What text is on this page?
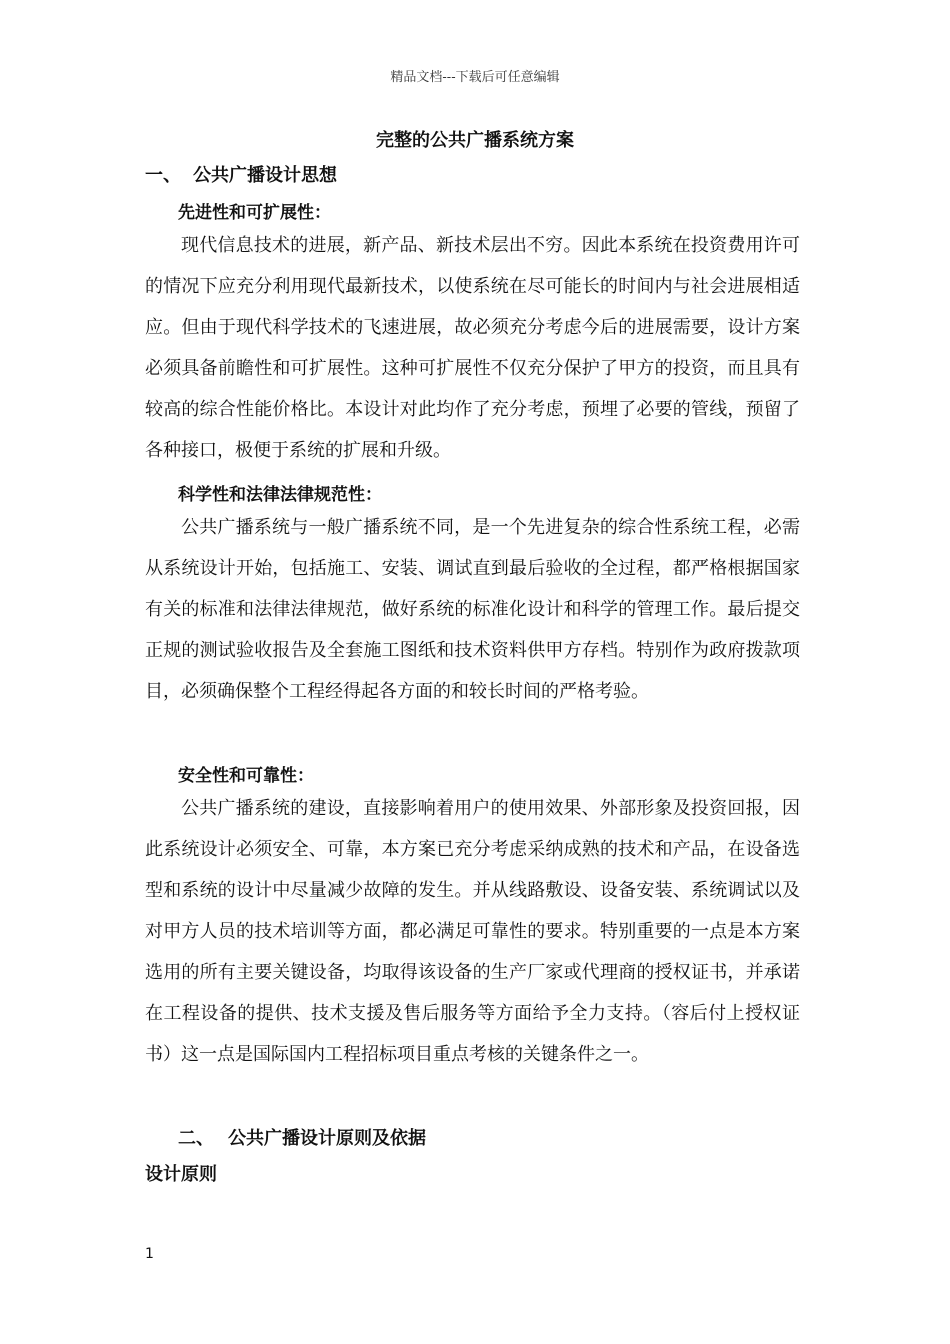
精品文档---下载后可任意编辑
完整的公共广播系统方案
一、 公共广播设计思想
先进性和可扩展性：

现代信息技术的进展，新产品、新技术层出不穷。因此本系统在投资费用许可的情况下应充分利用现代最新技术，以使系统在尽可能长的时间内与社会进展相适应。但由于现代科学技术的飞速进展，故必须充分考虑今后的进展需要，设计方案必须具备前瞻性和可扩展性。这种可扩展性不仅充分保护了甲方的投资，而且具有较高的综合性能价格比。本设计对此均作了充分考虑，预埋了必要的管线，预留了各种接口，极便于系统的扩展和升级。

科学性和法律法律规范性：

公共广播系统与一般广播系统不同，是一个先进复杂的综合性系统工程，必需从系统设计开始，包括施工、安装、调试直到最后验收的全过程，都严格根据国家有关的标准和法律法律规范，做好系统的标准化设计和科学的管理工作。最后提交正规的测试验收报告及全套施工图纸和技术资料供甲方存档。特别作为政府拨款项目，必须确保整个工程经得起各方面的和较长时间的严格考验。

安全性和可靠性：

公共广播系统的建设，直接影响着用户的使用效果、外部形象及投资回报，因此系统设计必须安全、可靠，本方案已充分考虑采纳成熟的技术和产品，在设备选型和系统的设计中尽量减少故障的发生。并从线路敷设、设备安装、系统调试以及对甲方人员的技术培训等方面，都必满足可靠性的要求。特别重要的一点是本方案选用的所有主要关键设备，均取得该设备的生产厂家或代理商的授权证书，并承诺在工程设备的提供、技术支援及售后服务等方面给予全力支持。（容后付上授权证书）这一点是国际国内工程招标项目重点考核的关键条件之一。

二、 公共广播设计原则及依据
设计原则
1
